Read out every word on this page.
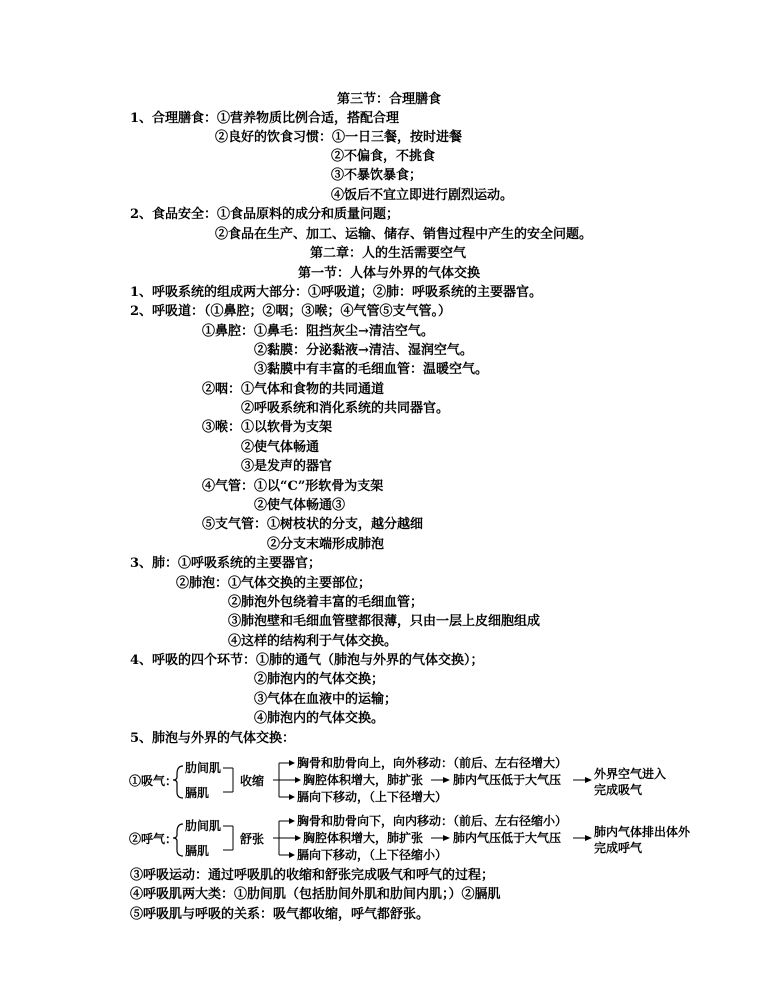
第三节：合理膳食
1、合理膳食：①营养物质比例合适，搭配合理
②良好的饮食习惯：①一日三餐，按时进餐
②不偏食，不挑食
③不暴饮暴食；
④饭后不宜立即进行剧烈运动。
2、食品安全：①食品原料的成分和质量问题；
②食品在生产、加工、运输、储存、销售过程中产生的安全问题。
第二章：人的生活需要空气
第一节：人体与外界的气体交换
1、呼吸系统的组成两大部分：①呼吸道；②肺：呼吸系统的主要器官。
2、呼吸道：（①鼻腔；②咽；③喉；④气管⑤支气管。）
①鼻腔：①鼻毛：阻挡灰尘→清洁空气。
②黏膜：分泌黏液→清洁、湿润空气。
③黏膜中有丰富的毛细血管：温暖空气。
②咽：①气体和食物的共同通道
②呼吸系统和消化系统的共同器官。
③喉：①以软骨为支架
②使气体畅通
③是发声的器官
④气管：①以“C”形软骨为支架
②使气体畅通③
⑤支气管：①树枝状的分支，越分越细
②分支末端形成肺泡
3、肺：①呼吸系统的主要器官；
②肺泡：①气体交换的主要部位；
②肺泡外包绕着丰富的毛细血管；
③肺泡壁和毛细血管壁都很薄，只由一层上皮细胞组成
④这样的结构利于气体交换。
4、呼吸的四个环节：①肺的通气（肺泡与外界的气体交换）；
②肺泡内的气体交换；
③气体在血液中的运输；
④肺泡内的气体交换。
5、肺泡与外界的气体交换：
①吸气：
肋间肌
膈肌
收缩
胸骨和肋骨向上，向外移动：（前后、左右径增大）
胸腔体积增大，肺扩张
膈向下移动，（上下径增大）
肺内气压低于大气压	外界空气进入
完成吸气
②呼气：
肋间肌
膈肌
舒张
胸骨和肋骨向下，向内移动：（前后、左右径缩小）
胸腔体积增大，肺扩张
膈向下移动，（上下径缩小）
肺内气压低于大气压	肺内气体排出体外
完成呼气
③呼吸运动：通过呼吸肌的收缩和舒张完成吸气和呼气的过程；
④呼吸肌两大类：①肋间肌（包括肋间外肌和肋间内肌；）②膈肌
⑤呼吸肌与呼吸的关系：吸气都收缩，呼气都舒张。
